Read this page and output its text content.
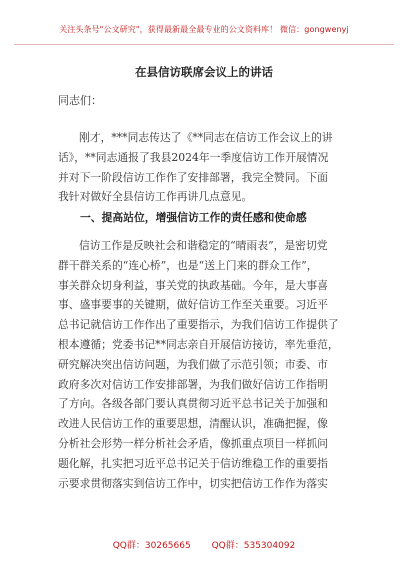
关注头条号"公文研究"，获得最新最全最专业的公文资料库！ 微信：gongwenyj
在县信访联席会议上的讲话
同志们：
刚才，***同志传达了《**同志在信访工作会议上的讲
话》，**同志通报了我县2024年一季度信访工作开展情况
并对下一阶段信访工作作了安排部署，我完全赞同。下面
我针对做好全县信访工作再讲几点意见。
一、提高站位，增强信访工作的责任感和使命感
信访工作是反映社会和谐稳定的“晴雨表”，是密切党
群干群关系的“连心桥”，也是“送上门来的群众工作”，
事关群众切身利益，事关党的执政基础。今年，是大事喜
事、盛事要事的关键期，做好信访工作至关重要。习近平
总书记就信访工作作出了重要指示，为我们信访工作提供了
根本遵循；党委书记**同志亲自开展信访接访，率先垂范，
研究解决突出信访问题，为我们做了示范引领；市委、市
政府多次对信访工作安排部署，为我们做好信访工作指明
了方向。各级各部门要认真贯彻习近平总书记关于加强和
改进人民信访工作的重要思想，清醒认识，准确把握，像
分析社会形势一样分析社会矛盾，像抓重点项目一样抓问
题化解，扎实把习近平总书记关于信访维稳工作的重要指
示要求贯彻落实到信访工作中，切实把信访工作作为落实
QQ群：30265665 QQ群：535304092
